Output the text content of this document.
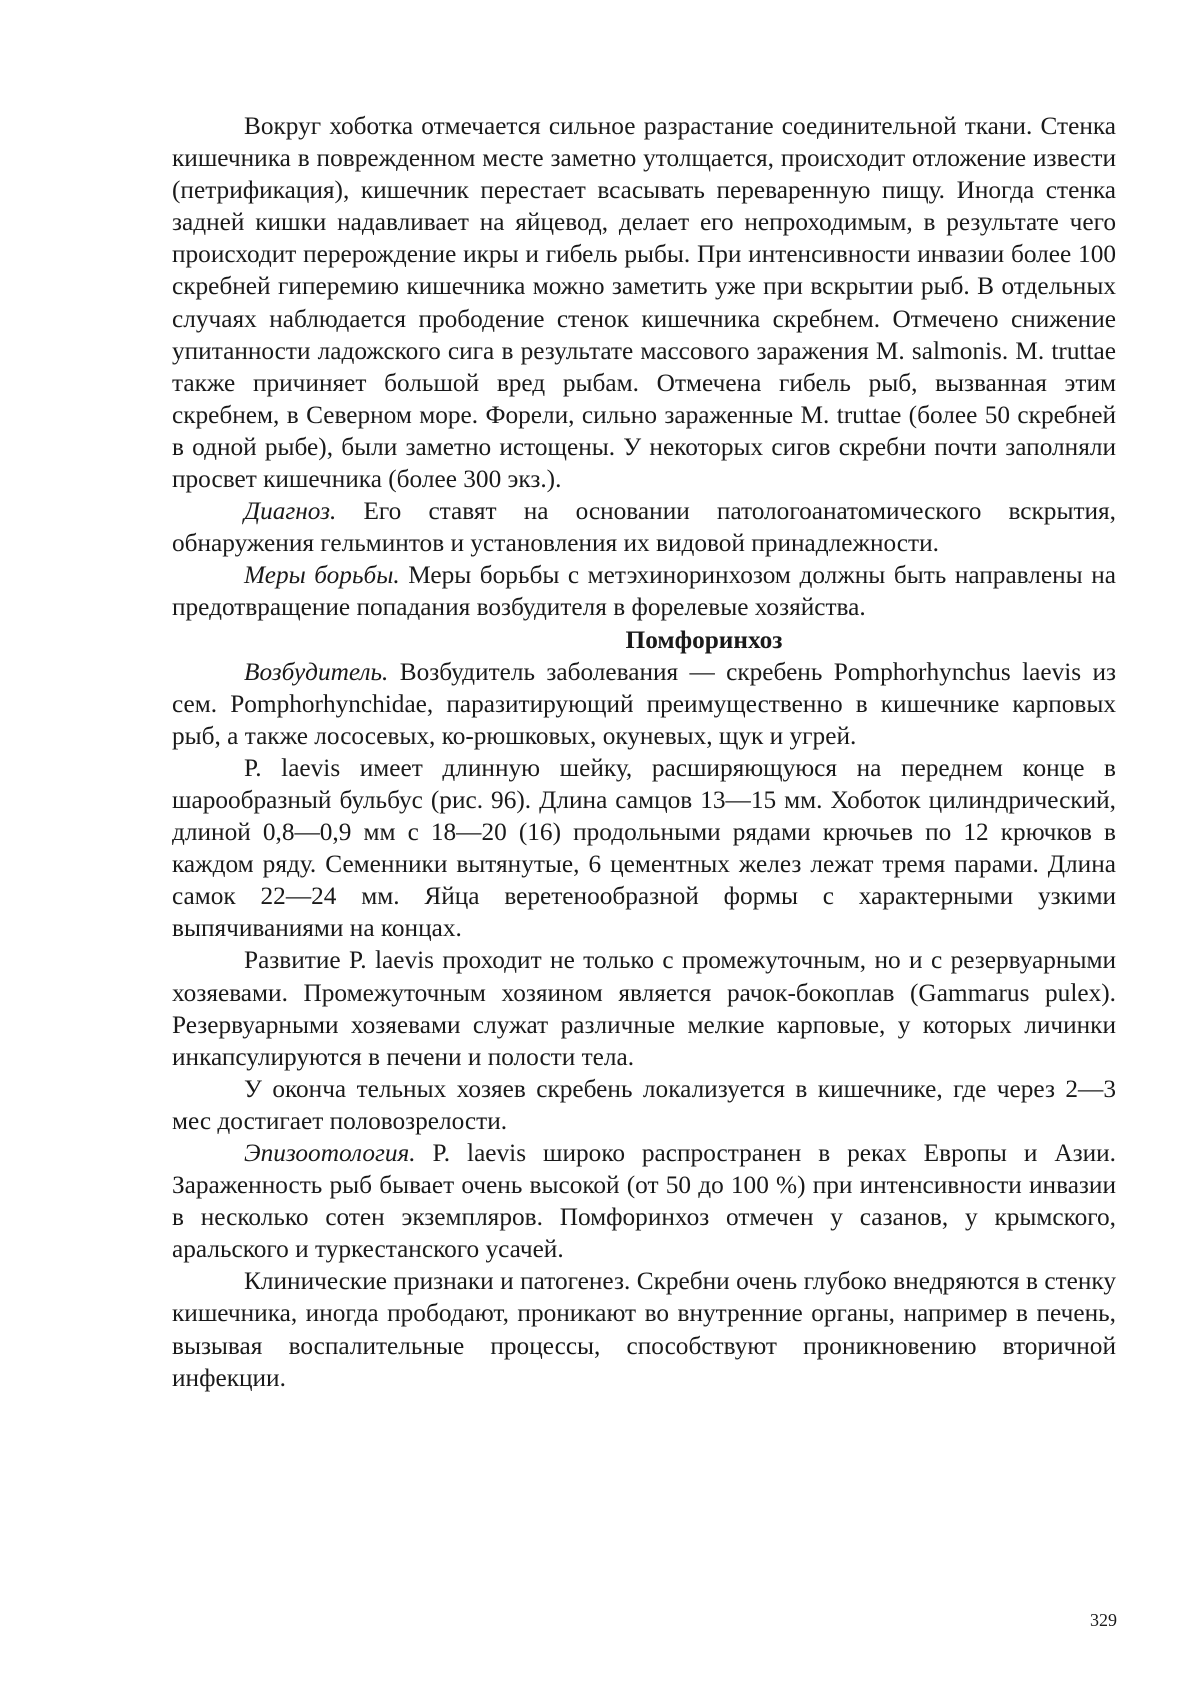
Вокруг хоботка отмечается сильное разрастание соединительной ткани. Стенка кишечника в поврежденном месте заметно утолщается, происходит отложение извести (петрификация), кишечник перестает всасывать переваренную пищу. Иногда стенка задней кишки надавливает на яйцевод, делает его непроходимым, в результате чего происходит перерождение икры и гибель рыбы. При интенсивности инвазии более 100 скребней гиперемию кишечника можно заметить уже при вскрытии рыб. В отдельных случаях наблюдается прободение стенок кишечника скребнем. Отмечено снижение упитанности ладожского сига в результате массового заражения M. salmonis. M. truttae также причиняет большой вред рыбам. Отмечена гибель рыб, вызванная этим скребнем, в Северном море. Форели, сильно зараженные M. truttae (более 50 скребней в одной рыбе), были заметно истощены. У некоторых сигов скребни почти заполняли просвет кишечника (более 300 экз.).

Диагноз. Его ставят на основании патологоанатомического вскрытия, обнаружения гельминтов и установления их видовой принадлежности.

Меры борьбы. Меры борьбы с метэхиноринхозом должны быть направлены на предотвращение попадания возбудителя в форелевые хозяйства.

Помфоринхоз

Возбудитель. Возбудитель заболевания — скребень Pomphorhynchus laevis из сем. Pomphorhynchidae, паразитирующий преимущественно в кишечнике карповых рыб, а также лососевых, ко-рюшковых, окуневых, щук и угрей.

P. laevis имеет длинную шейку, расширяющуюся на переднем конце в шарообразный бульбус (рис. 96). Длина самцов 13—15 мм. Хоботок цилиндрический, длиной 0,8—0,9 мм с 18—20 (16) продольными рядами крючьев по 12 крючков в каждом ряду. Семенники вытянутые, 6 цементных желез лежат тремя парами. Длина самок 22—24 мм. Яйца веретенообразной формы с характерными узкими выпячиваниями на концах.

Развитие P. laevis проходит не только с промежуточным, но и с резервуарными хозяевами. Промежуточным хозяином является рачок-бокоплав (Gammarus pulex). Резервуарными хозяевами служат различные мелкие карповые, у которых личинки инкапсулируются в печени и полости тела.

У оконча тельных хозяев скребень локализуется в кишечнике, где через 2—3 мес достигает половозрелости.

Эпизоотология. P. laevis широко распространен в реках Европы и Азии. Зараженность рыб бывает очень высокой (от 50 до 100 %) при интенсивности инвазии в несколько сотен экземпляров. Помфоринхоз отмечен у сазанов, у крымского, аральского и туркестанского усачей.

Клинические признаки и патогенез. Скребни очень глубоко внедряются в стенку кишечника, иногда прободают, проникают во внутренние органы, например в печень, вызывая воспалительные процессы, способствуют проникновению вторичной инфекции.

329
